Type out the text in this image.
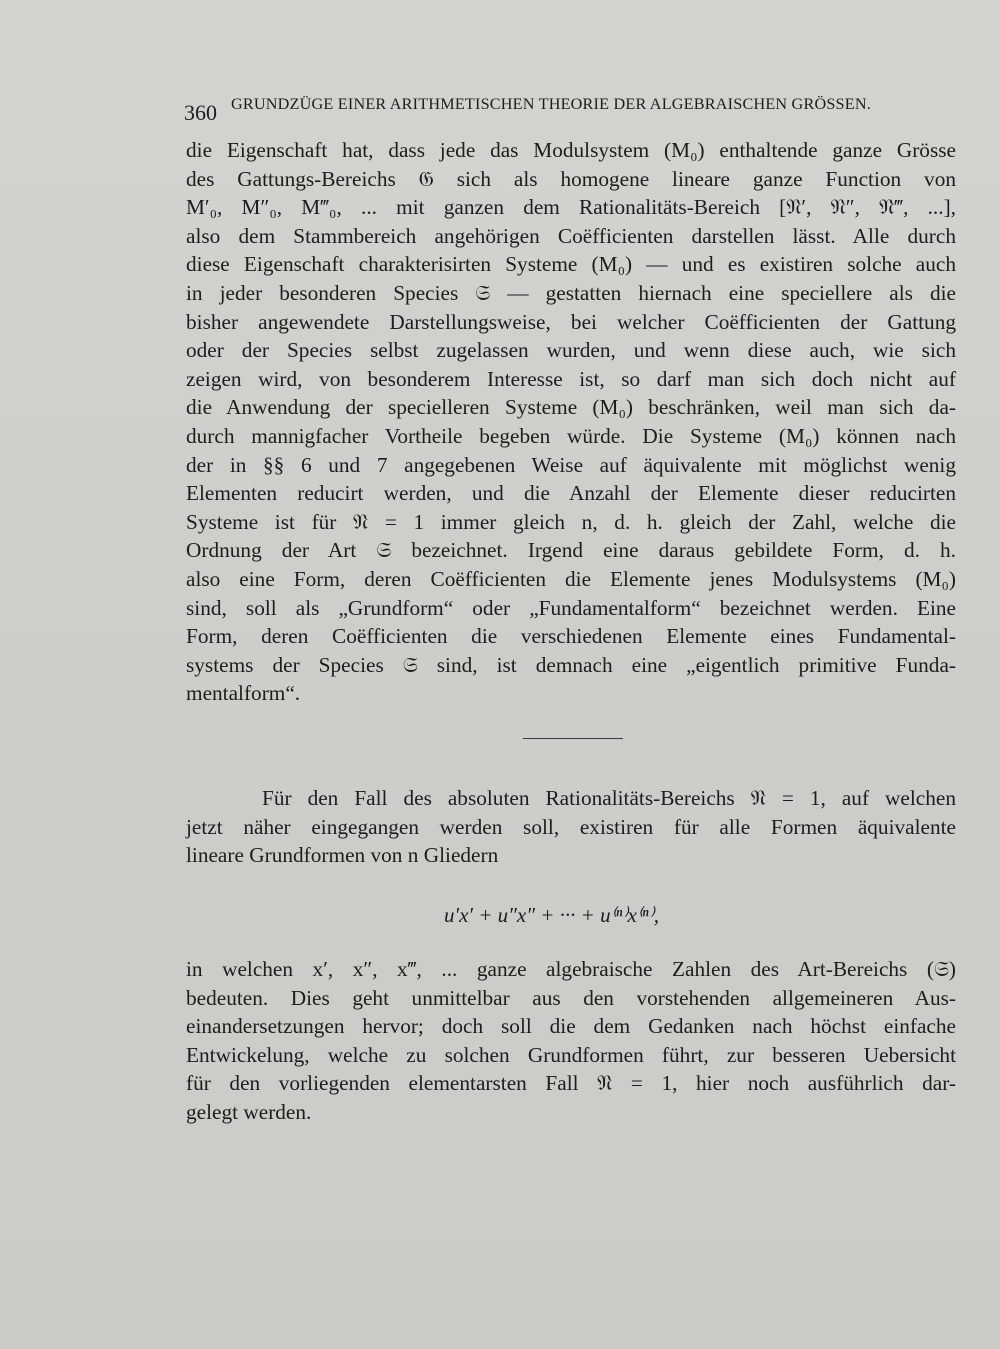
360 GRUNDZÜGE EINER ARITHMETISCHEN THEORIE DER ALGEBRAISCHEN GRÖSSEN.
die Eigenschaft hat, dass jede das Modulsystem (M₀) enthaltende ganze Grösse
des Gattungs-Bereichs 𝔊 sich als homogene lineare ganze Function von
M′₀, M″₀, M‴₀, ... mit ganzen dem Rationalitäts-Bereich [𝔑′, 𝔑″, 𝔑‴, ...],
also dem Stammbereich angehörigen Coëfficienten darstellen lässt. Alle durch
diese Eigenschaft charakterisirten Systeme (M₀) — und es existiren solche auch
in jeder besonderen Species 𝔖 — gestatten hiernach eine speciellere als die
bisher angewendete Darstellungsweise, bei welcher Coëfficienten der Gattung
oder der Species selbst zugelassen wurden, und wenn diese auch, wie sich
zeigen wird, von besonderem Interesse ist, so darf man sich doch nicht auf
die Anwendung der specielleren Systeme (M₀) beschränken, weil man sich da-
durch mannigfacher Vortheile begeben würde. Die Systeme (M₀) können nach
der in §§ 6 und 7 angegebenen Weise auf äquivalente mit möglichst wenig
Elementen reducirt werden, und die Anzahl der Elemente dieser reducirten
Systeme ist für 𝔑 = 1 immer gleich n, d. h. gleich der Zahl, welche die
Ordnung der Art 𝔖 bezeichnet. Irgend eine daraus gebildete Form, d. h.
also eine Form, deren Coëfficienten die Elemente jenes Modulsystems (M₀)
sind, soll als „Grundform“ oder „Fundamentalform“ bezeichnet werden. Eine
Form, deren Coëfficienten die verschiedenen Elemente eines Fundamental-
systems der Species 𝔖 sind, ist demnach eine „eigentlich primitive Funda-
mentalform“.
Für den Fall des absoluten Rationalitäts-Bereichs 𝔑 = 1, auf welchen
jetzt näher eingegangen werden soll, existiren für alle Formen äquivalente
lineare Grundformen von n Gliedern
u′x′ + u″x″ + ··· + u⁽ⁿ⁾x⁽ⁿ⁾,
in welchen x′, x″, x‴, ... ganze algebraische Zahlen des Art-Bereichs (𝔖)
bedeuten. Dies geht unmittelbar aus den vorstehenden allgemeineren Aus-
einandersetzungen hervor; doch soll die dem Gedanken nach höchst einfache
Entwickelung, welche zu solchen Grundformen führt, zur besseren Uebersicht
für den vorliegenden elementarsten Fall 𝔑 = 1, hier noch ausführlich dar-
gelegt werden.
